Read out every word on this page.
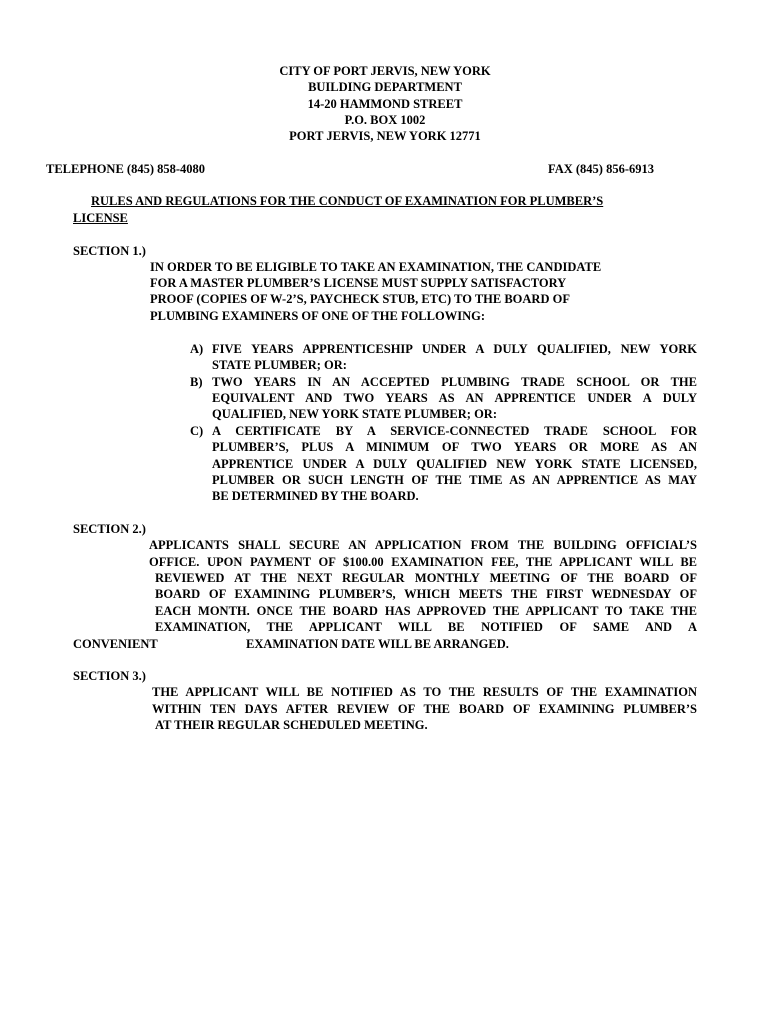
CITY OF PORT JERVIS, NEW YORK
BUILDING DEPARTMENT
14-20 HAMMOND STREET
P.O. BOX 1002
PORT JERVIS, NEW YORK 12771
TELEPHONE (845) 858-4080	FAX (845) 856-6913
RULES AND REGULATIONS FOR THE CONDUCT OF EXAMINATION FOR PLUMBER’S
LICENSE
SECTION 1.)
IN ORDER TO BE ELIGIBLE TO TAKE AN EXAMINATION, THE CANDIDATE
FOR A MASTER PLUMBER’S LICENSE MUST SUPPLY SATISFACTORY
PROOF (COPIES OF W-2’S, PAYCHECK STUB, ETC) TO THE BOARD OF
PLUMBING EXAMINERS OF ONE OF THE FOLLOWING:
A) FIVE YEARS APPRENTICESHIP UNDER A DULY QUALIFIED, NEW YORK
STATE PLUMBER; OR:
B) TWO YEARS IN AN ACCEPTED PLUMBING TRADE SCHOOL OR THE
EQUIVALENT AND TWO YEARS AS AN APPRENTICE UNDER A DULY
QUALIFIED, NEW YORK STATE PLUMBER; OR:
C) A CERTIFICATE BY A SERVICE-CONNECTED TRADE SCHOOL FOR
PLUMBER’S, PLUS A MINIMUM OF TWO YEARS OR MORE AS AN
APPRENTICE UNDER A DULY QUALIFIED NEW YORK STATE LICENSED,
PLUMBER OR SUCH LENGTH OF THE TIME AS AN APPRENTICE AS MAY
BE DETERMINED BY THE BOARD.
SECTION 2.)
APPLICANTS SHALL SECURE AN APPLICATION FROM THE BUILDING OFFICIAL’S
OFFICE. UPON PAYMENT OF $100.00 EXAMINATION FEE, THE APPLICANT WILL BE
REVIEWED AT THE NEXT REGULAR MONTHLY MEETING OF THE BOARD OF
BOARD OF EXAMINING PLUMBER’S, WHICH MEETS THE FIRST WEDNESDAY OF
EACH MONTH. ONCE THE BOARD HAS APPROVED THE APPLICANT TO TAKE THE
EXAMINATION, THE APPLICANT WILL BE NOTIFIED OF SAME AND A
CONVENIENT	EXAMINATION DATE WILL BE ARRANGED.
SECTION 3.)
THE APPLICANT WILL BE NOTIFIED AS TO THE RESULTS OF THE EXAMINATION
WITHIN TEN DAYS AFTER REVIEW OF THE BOARD OF EXAMINING PLUMBER’S
AT THEIR REGULAR SCHEDULED MEETING.
